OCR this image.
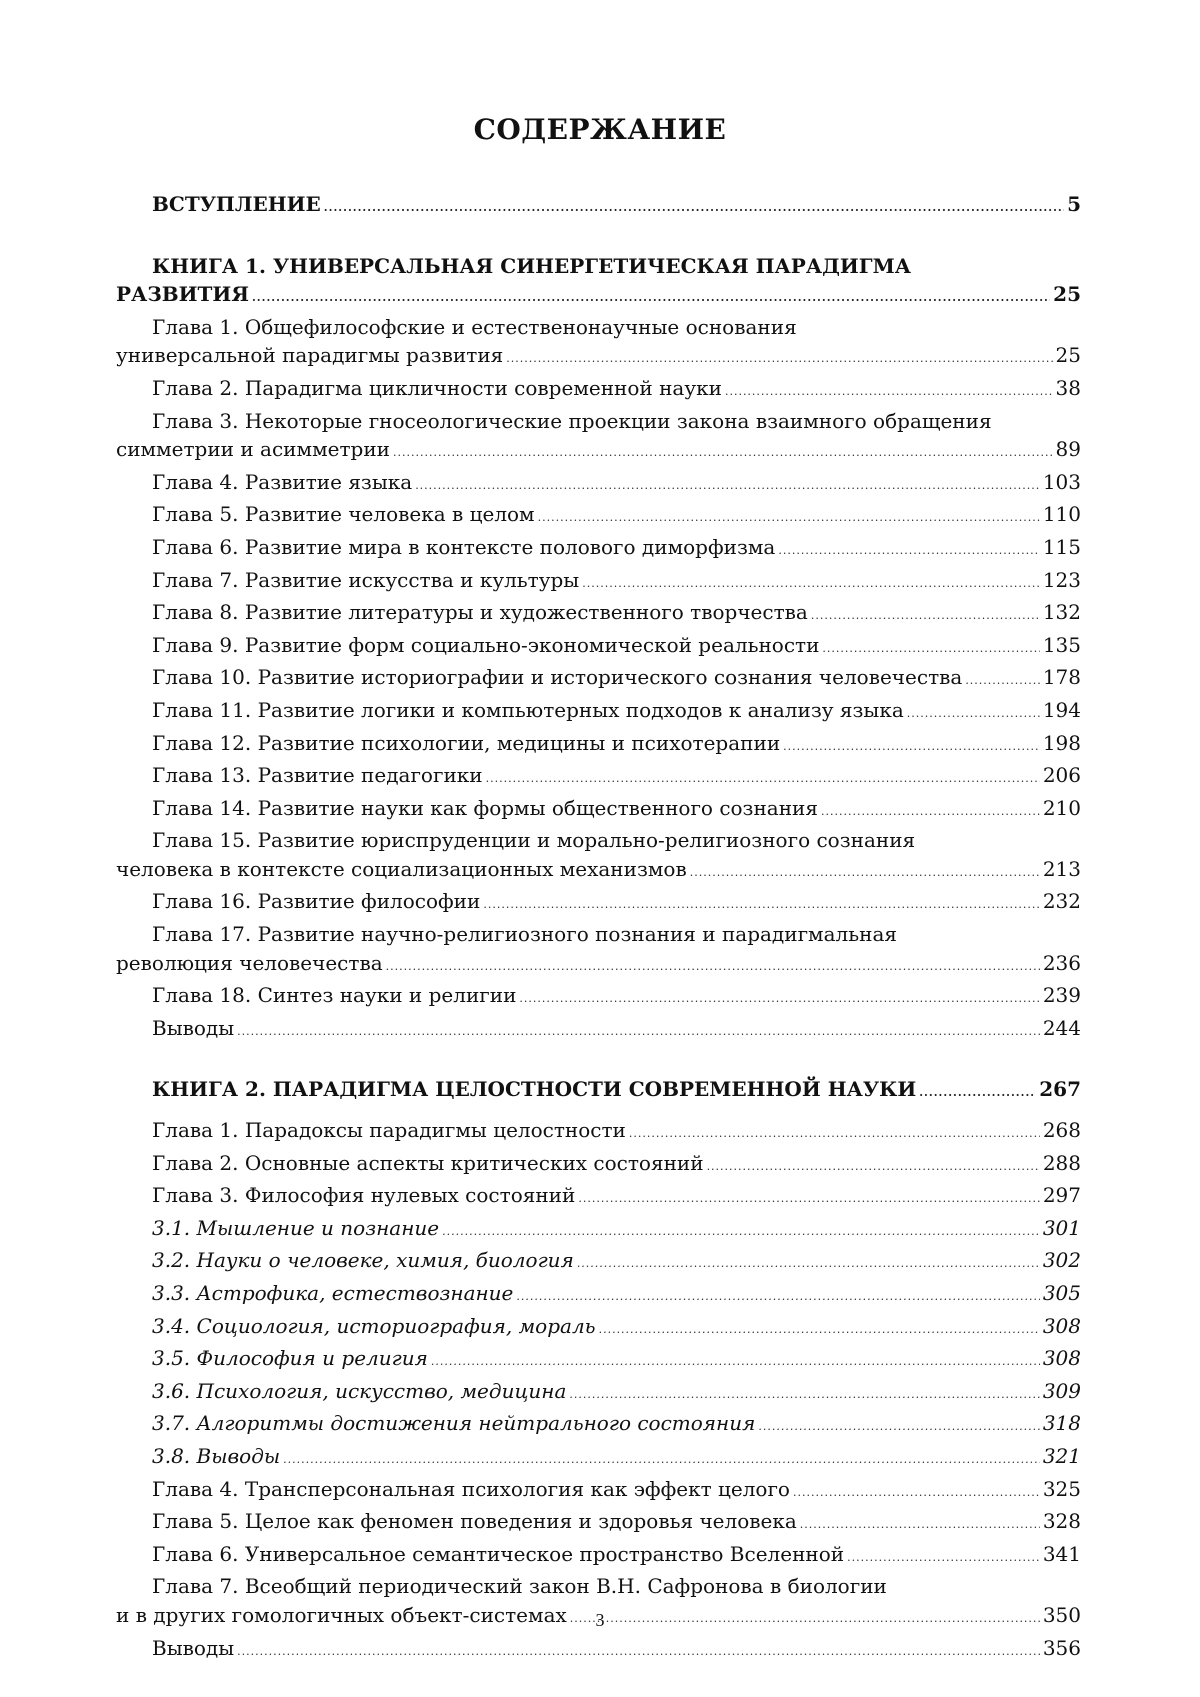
СОДЕРЖАНИЕ
ВСТУПЛЕНИЕ .....	5
КНИГА 1. УНИВЕРСАЛЬНАЯ СИНЕРГЕТИЧЕСКАЯ ПАРАДИГМА
РАЗВИТИЯ .....	25
Глава 1. Общефилософские и естественонаучные основания
универсальной парадигмы развития .....	25
Глава 2. Парадигма цикличности современной науки .....	38
Глава 3. Некоторые гносеологические проекции закона взаимного обращения
симметрии и асимметрии .....	89
Глава 4. Развитие языка .....	103
Глава 5. Развитие человека в целом .....	110
Глава 6. Развитие мира в контексте полового диморфизма .....	115
Глава 7. Развитие искусства и культуры .....	123
Глава 8. Развитие литературы и художественного творчества .....	132
Глава 9. Развитие форм социально-экономической реальности .....	135
Глава 10. Развитие историографии и исторического сознания человечества .....	178
Глава 11. Развитие логики и компьютерных подходов к анализу языка .....	194
Глава 12. Развитие психологии, медицины и психотерапии .....	198
Глава 13. Развитие педагогики .....	206
Глава 14. Развитие науки как формы общественного сознания .....	210
Глава 15. Развитие юриспруденции и морально-религиозного сознания
человека в контексте социализационных механизмов .....	213
Глава 16. Развитие философии .....	232
Глава 17. Развитие научно-религиозного познания и парадигмальная
революция человечества .....	236
Глава 18. Синтез науки и религии .....	239
Выводы .....	244
КНИГА 2. ПАРАДИГМА ЦЕЛОСТНОСТИ СОВРЕМЕННОЙ НАУКИ .....	267
Глава 1. Парадоксы парадигмы целостности .....	268
Глава 2. Основные аспекты критических состояний .....	288
Глава 3. Философия нулевых состояний .....	297
3.1. Мышление и познание .....	301
3.2. Науки о человеке, химия, биология .....	302
3.3. Астрофика, естествознание .....	305
3.4. Социология, историография, мораль .....	308
3.5. Философия и религия .....	308
3.6. Психология, искусство, медицина .....	309
3.7. Алгоритмы достижения нейтрального состояния .....	318
3.8. Выводы .....	321
Глава 4. Трансперсональная психология как эффект целого .....	325
Глава 5. Целое как феномен поведения и здоровья человека .....	328
Глава 6. Универсальное семантическое пространство Вселенной .....	341
Глава 7. Всеобщий периодический закон В.Н. Сафронова в биологии
и в других гомологичных объект-системах .....	350
Выводы .....	356
3
